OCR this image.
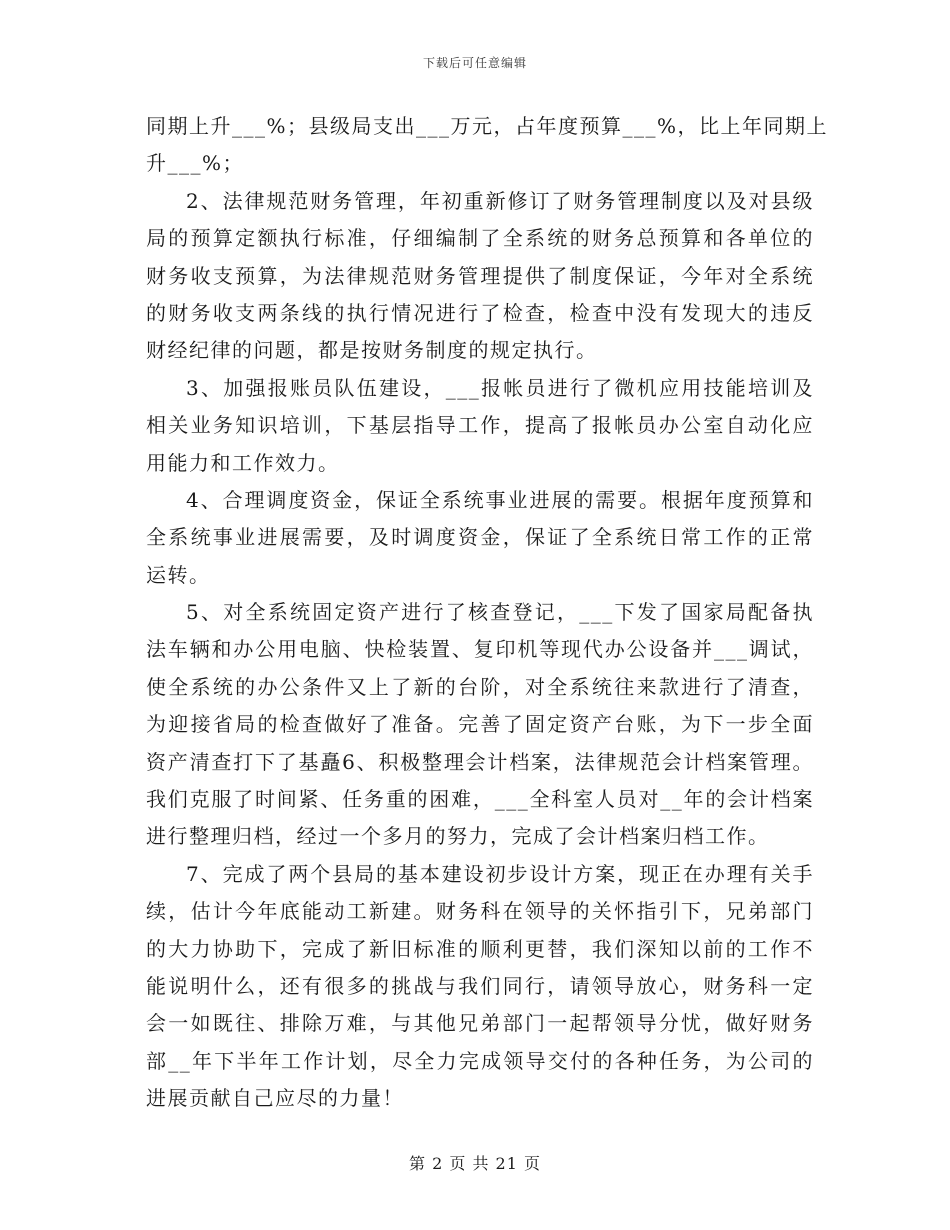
下载后可任意编辑
同期上升___%；县级局支出___万元，占年度预算___%，比上年同期上
升___%；
2、法律规范财务管理，年初重新修订了财务管理制度以及对县级
局的预算定额执行标准，仔细编制了全系统的财务总预算和各单位的
财务收支预算，为法律规范财务管理提供了制度保证，今年对全系统
的财务收支两条线的执行情况进行了检查，检查中没有发现大的违反
财经纪律的问题，都是按财务制度的规定执行。
3、加强报账员队伍建设，___报帐员进行了微机应用技能培训及
相关业务知识培训，下基层指导工作，提高了报帐员办公室自动化应
用能力和工作效力。
4、合理调度资金，保证全系统事业进展的需要。根据年度预算和
全系统事业进展需要，及时调度资金，保证了全系统日常工作的正常
运转。
5、对全系统固定资产进行了核查登记，___下发了国家局配备执
法车辆和办公用电脑、快检装置、复印机等现代办公设备并___调试，
使全系统的办公条件又上了新的台阶，对全系统往来款进行了清查，
为迎接省局的检查做好了准备。完善了固定资产台账，为下一步全面
资产清查打下了基矗6、积极整理会计档案，法律规范会计档案管理。
我们克服了时间紧、任务重的困难，___全科室人员对__年的会计档案
进行整理归档，经过一个多月的努力，完成了会计档案归档工作。
7、完成了两个县局的基本建设初步设计方案，现正在办理有关手
续，估计今年底能动工新建。财务科在领导的关怀指引下，兄弟部门
的大力协助下，完成了新旧标准的顺利更替，我们深知以前的工作不
能说明什么，还有很多的挑战与我们同行，请领导放心，财务科一定
会一如既往、排除万难，与其他兄弟部门一起帮领导分忧，做好财务
部__年下半年工作计划，尽全力完成领导交付的各种任务，为公司的
进展贡献自己应尽的力量！
第 2 页 共 21 页
